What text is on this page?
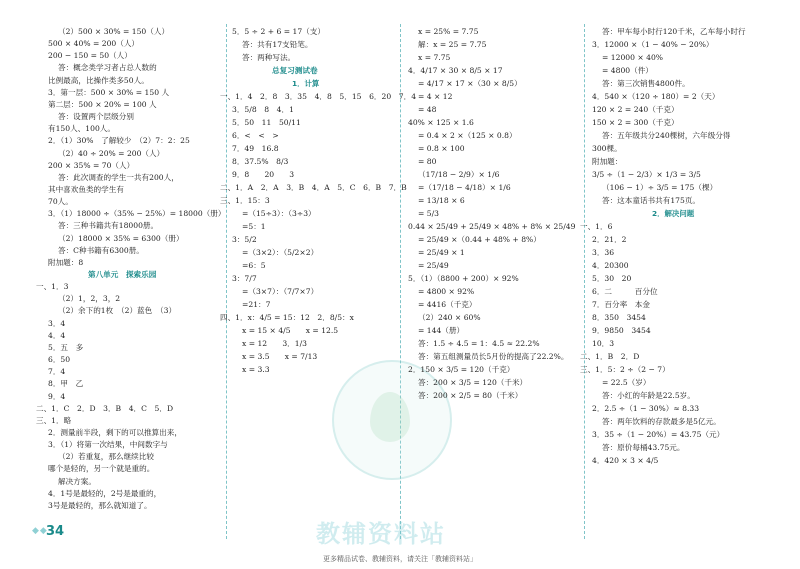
教辅资料站
（2）500 × 30% = 150（人）
500 × 40% = 200（人）
200 − 150 = 50（人）
答：概念类学习者占总人数的
比例最高，比操作类多50人。
3．第一层：500 × 30% = 150 人
第二层：500 × 20% = 100 人
答：设置两个层级分别
有150人、100人。
2．（1）30%　了解较少　（2）7：2：25
（2）40 ÷ 20% = 200（人）
200 × 35% = 70（人）
答：此次调查的学生一共有200人，
其中喜欢鱼类的学生有
70人。
3．（1）18000 ÷（35% − 25%）= 18000（册）
答：三种书籍共有18000册。
（2）18000 × 35% = 6300（册）
答：C种书籍有6300册。
附加题：8
第八单元　探索乐园
一、1．3
（2）1，2，3，2
（2）余下的1枚　（2）蓝色　（3）
3．4
4．4
5．五　多
6．50
7．4
8．甲　乙
9．4
二、1．C　2．D　3．B　4．C　5．D
三、1．略
2．测量前半段，剩下的可以推算出来，
3．（1）将第一次结果，中间数字与
（2）若重复，那么继续比较
哪个是轻的，另一个就是重的。
解决方案。
4．1号是最轻的，2号是最重的，
3号是最轻的，那么就知道了。
5．5 ÷ 2 + 6 = 17（支）
答：共有17支铅笔。
答：两种写法。
总复习测试卷
1．计算
一、1．4　2．8　3．35　4．8　5．15　6．20　7．4
3．5/8　8　4．1
5．50　11　50/11
6．<　<　>
7．49　16.8
8．37.5%　8/3
9．8　　20　　3
二、1．A　2．A　3．B　4．A　5．C　6．B　7．B
三、1．15：3
=（15÷3）：（3÷3）
=5：1
3：5/2
=（3×2）：（5/2×2）
=6：5
3：7/7
=（3×7）：（7/7×7）
=21：7
四、1．x：4/5 = 15：12　2．8/5：x
x = 15 × 4/5　　x = 12.5
x = 12　　3．1/3
x = 3.5　　x = 7/13
x = 3.3
x = 25% = 7.75
解：x = 25 = 7.75
x = 7.75
4．4/17 × 30 × 8/5 × 17
= 4/17 × 17 ×（30 × 8/5）
= 4 × 12
= 48
40% × 125 × 1.6
= 0.4 × 2 ×（125 × 0.8）
= 0.8 × 100
= 80
（17/18 − 2/9）× 1/6
=（17/18 − 4/18）× 1/6
= 13/18 × 6
= 5/3
0.44 × 25/49 + 25/49 × 48% + 8% × 25/49
= 25/49 ×（0.44 + 48% + 8%）
= 25/49 × 1
= 25/49
5．（1）（8800 + 200）× 92%
= 4800 × 92%
= 4416（千克）
（2）240 × 60%
= 144（册）
答：1.5 ÷ 4.5 = 1：4.5 ≈ 22.2%
答：第五组测量员长5月份的提高了22.2%。
2．150 × 3/5 = 120（千克）
答：200 × 3/5 = 120（千米）
答：200 × 2/5 = 80（千米）
答：甲车每小时行120千米，乙车每小时行
3．12000 ×（1 − 40% − 20%）
= 12000 × 40%
= 4800（件）
答：第三次销售4800件。
4．540 ×（120 ÷ 180）= 2（天）
120 × 2 = 240（千克）
150 × 2 = 300（千克）
答：五年级共分240棵树，六年级分得
300棵。
附加题：
3/5 ÷（1 − 2/3）× 1/3 = 3/5
（106 − 1）÷ 3/5 = 175（棵）
答：这本童话书共有175页。
2．解决问题
一、1．6
2．21．2
3．36
4．20300
5．30　20
6．二　　　百分位
7．百分率　本金
8．350　3454
9．9850　3454
10．3
二、1．B　2．D
三、1．5：2 ÷（2 − 7）
= 22.5（岁）
答：小红的年龄是22.5岁。
2．2.5 ÷（1 − 30%）≈ 8.33
答：两年饮料的存款最多是5亿元。
3．35 ÷（1 − 20%）= 43.75（元）
答：原价每桶43.75元。
4．420 × 3 × 4/5
◆◆
34
更多精品试卷、教辅资料，请关注「教辅资料站」
